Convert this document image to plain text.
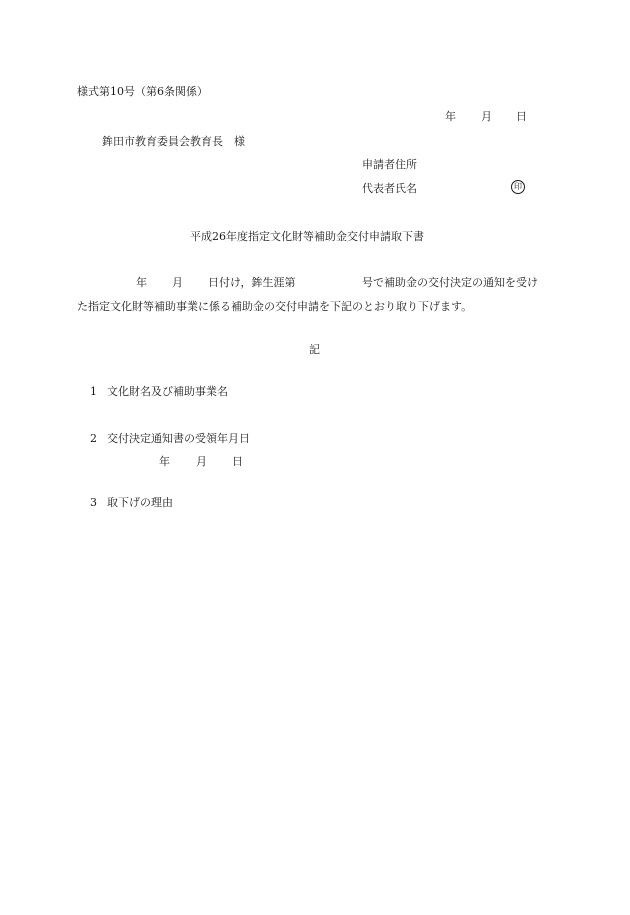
様式第10号（第6条関係）
年 月 日
鉾田市教育委員会教育長　様
申請者住所
代表者氏名	印
平成26年度指定文化財等補助金交付申請取下書
年 月 日付け，鉾生涯第	号で補助金の交付決定の通知を受け
た指定文化財等補助事業に係る補助金の交付申請を下記のとおり取り下げます。
記
1 文化財名及び補助事業名
2 交付決定通知書の受領年月日
年 月 日
3 取下げの理由
